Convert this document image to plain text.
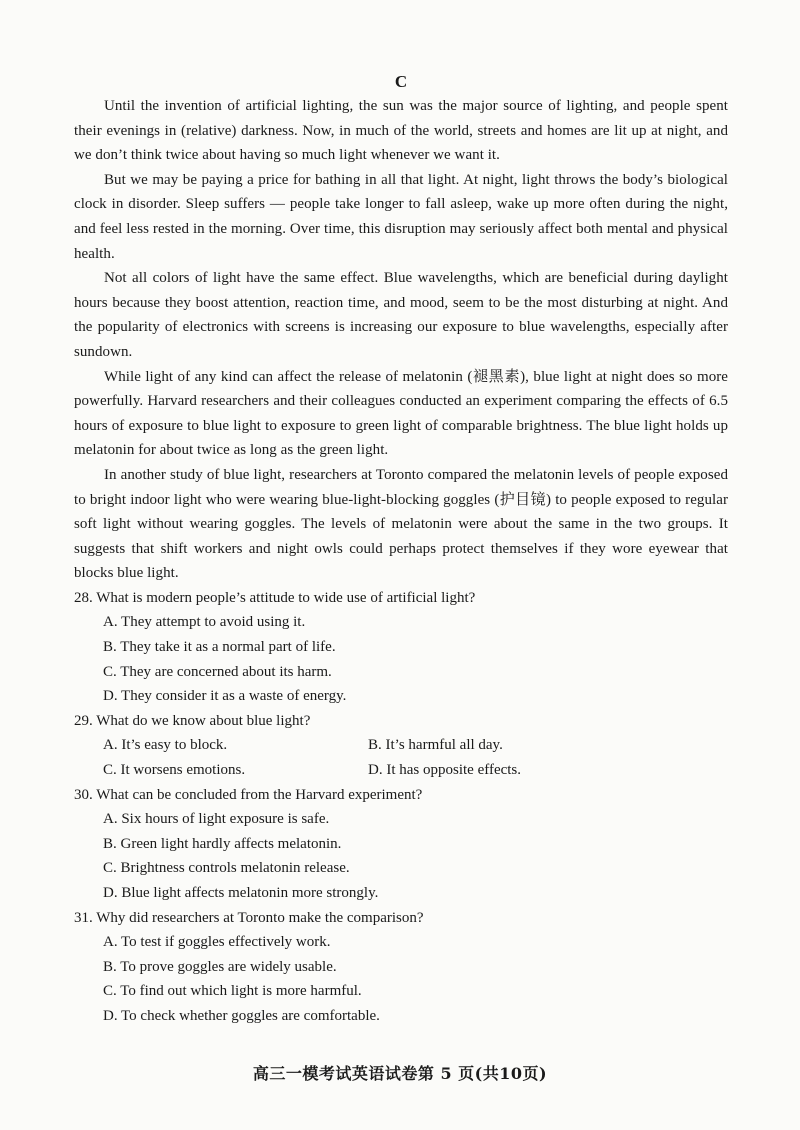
C

Until the invention of artificial lighting, the sun was the major source of lighting, and people spent their evenings in (relative) darkness. Now, in much of the world, streets and homes are lit up at night, and we don’t think twice about having so much light whenever we want it.

But we may be paying a price for bathing in all that light. At night, light throws the body’s biological clock in disorder. Sleep suffers — people take longer to fall asleep, wake up more often during the night, and feel less rested in the morning. Over time, this disruption may seriously affect both mental and physical health.

Not all colors of light have the same effect. Blue wavelengths, which are beneficial during daylight hours because they boost attention, reaction time, and mood, seem to be the most disturbing at night. And the popularity of electronics with screens is increasing our exposure to blue wavelengths, especially after sundown.

While light of any kind can affect the release of melatonin (褪黑素), blue light at night does so more powerfully. Harvard researchers and their colleagues conducted an experiment comparing the effects of 6.5 hours of exposure to blue light to exposure to green light of comparable brightness. The blue light holds up melatonin for about twice as long as the green light.

In another study of blue light, researchers at Toronto compared the melatonin levels of people exposed to bright indoor light who were wearing blue-light-blocking goggles (护目镜) to people exposed to regular soft light without wearing goggles. The levels of melatonin were about the same in the two groups. It suggests that shift workers and night owls could perhaps protect themselves if they wore eyewear that blocks blue light.

28. What is modern people’s attitude to wide use of artificial light?

A. They attempt to avoid using it.

B. They take it as a normal part of life.

C. They are concerned about its harm.

D. They consider it as a waste of energy.

29. What do we know about blue light?

A. It’s easy to block.	B. It’s harmful all day.
C. It worsens emotions.	D. It has opposite effects.

30. What can be concluded from the Harvard experiment?

A. Six hours of light exposure is safe.

B. Green light hardly affects melatonin.

C. Brightness controls melatonin release.

D. Blue light affects melatonin more strongly.

31. Why did researchers at Toronto make the comparison?

A. To test if goggles effectively work.

B. To prove goggles are widely usable.

C. To find out which light is more harmful.

D. To check whether goggles are comfortable.

高三一模考试英语试卷第 5 页(共10页)
